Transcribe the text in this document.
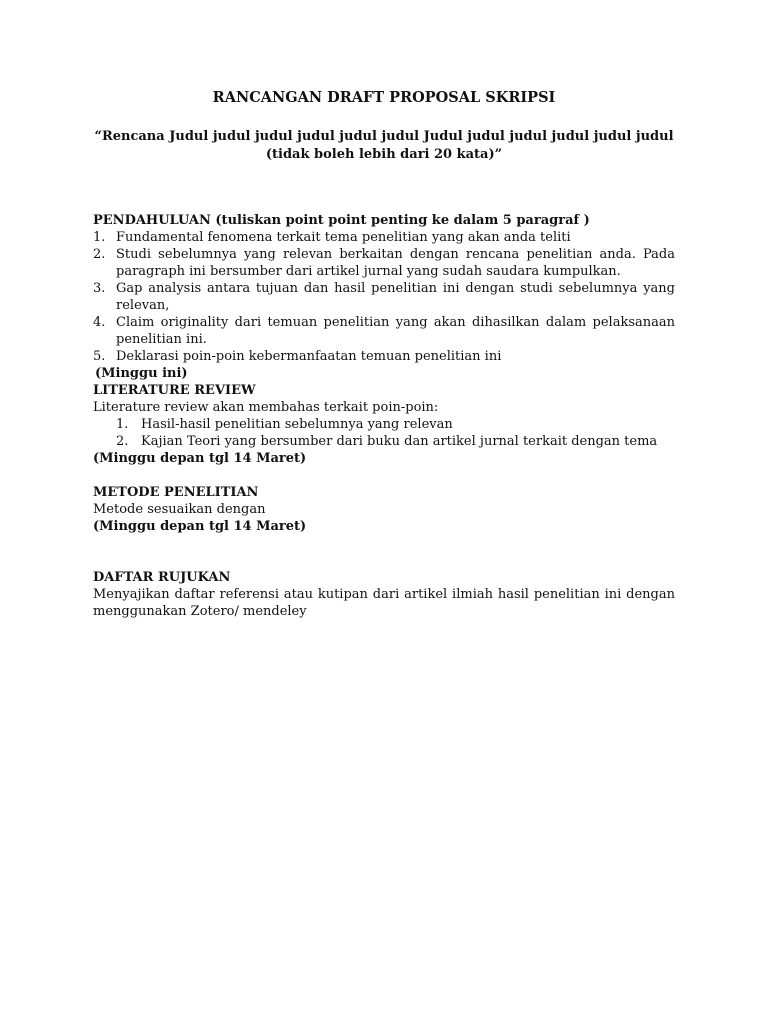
RANCANGAN DRAFT PROPOSAL SKRIPSI
“Rencana Judul judul judul judul judul judul Judul judul judul judul judul judul
(tidak boleh lebih dari 20 kata)”
PENDAHULUAN (tuliskan point point penting ke dalam 5 paragraf )
1. Fundamental fenomena terkait tema penelitian yang akan anda teliti
2. Studi sebelumnya yang relevan berkaitan dengan rencana penelitian anda. Pada paragraph ini bersumber dari artikel jurnal yang sudah saudara kumpulkan.
3. Gap analysis antara tujuan dan hasil penelitian ini dengan studi sebelumnya yang relevan,
4. Claim originality dari temuan penelitian yang akan dihasilkan dalam pelaksanaan penelitian ini.
5. Deklarasi poin-poin kebermanfaatan temuan penelitian ini
(Minggu ini)
LITERATURE REVIEW
Literature review akan membahas terkait poin-poin:
1. Hasil-hasil penelitian sebelumnya yang relevan
2. Kajian Teori yang bersumber dari buku dan artikel jurnal terkait dengan tema
(Minggu depan tgl 14 Maret)
METODE PENELITIAN
Metode sesuaikan dengan
(Minggu depan tgl 14 Maret)
DAFTAR RUJUKAN
Menyajikan daftar referensi atau kutipan dari artikel ilmiah hasil penelitian ini dengan menggunakan Zotero/ mendeley
